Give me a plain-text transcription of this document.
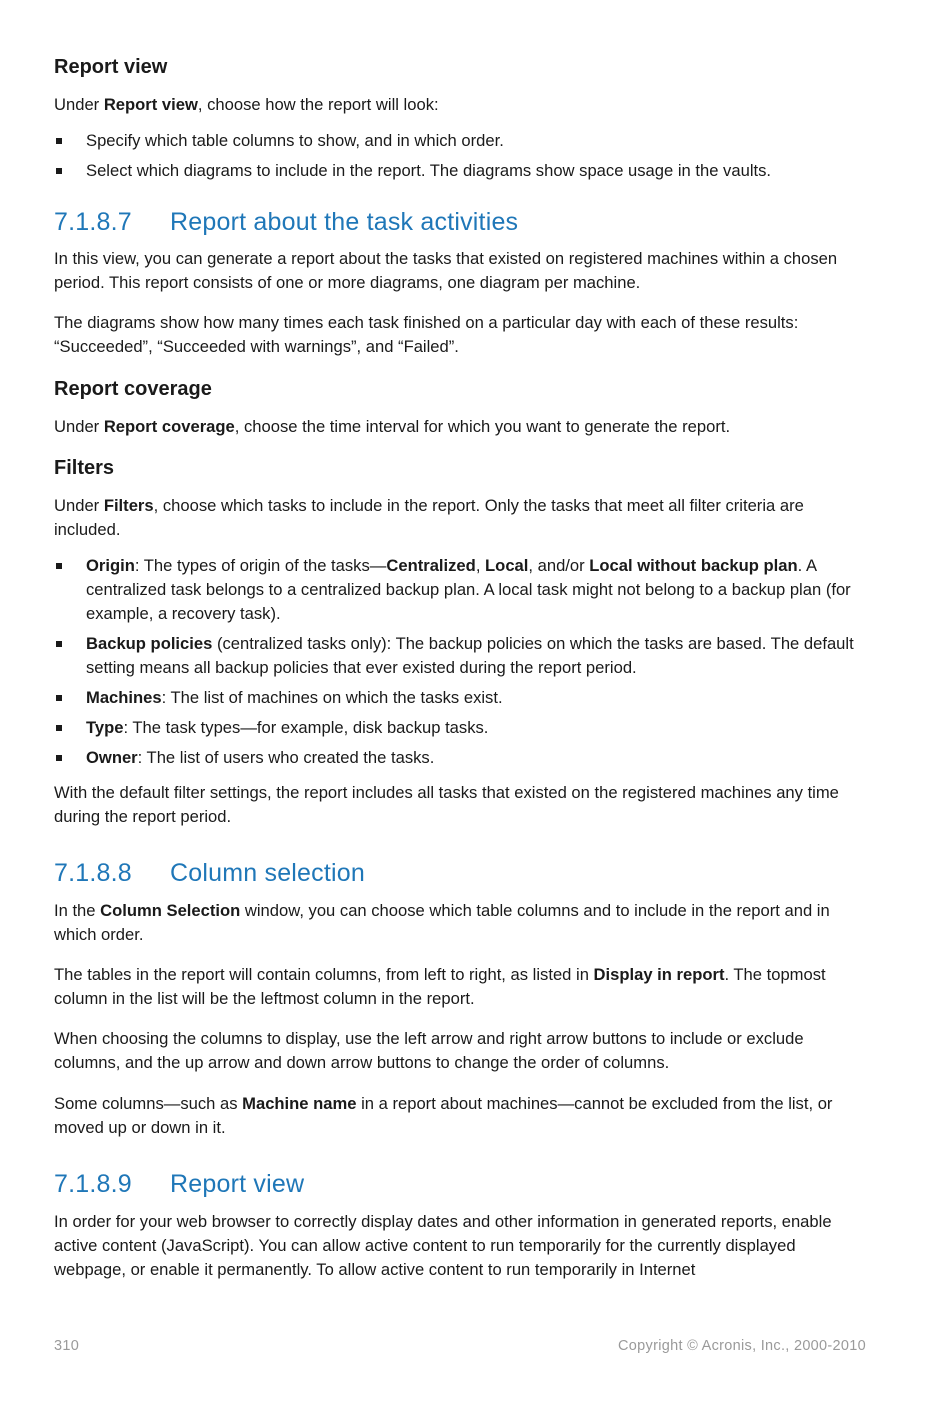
Report view

Under Report view, choose how the report will look:

Specify which table columns to show, and in which order.
Select which diagrams to include in the report. The diagrams show space usage in the vaults.
7.1.8.7 Report about the task activities

In this view, you can generate a report about the tasks that existed on registered machines within a chosen period. This report consists of one or more diagrams, one diagram per machine.

The diagrams show how many times each task finished on a particular day with each of these results: “Succeeded”, “Succeeded with warnings”, and “Failed”.

Report coverage

Under Report coverage, choose the time interval for which you want to generate the report.

Filters

Under Filters, choose which tasks to include in the report. Only the tasks that meet all filter criteria are included.

Origin: The types of origin of the tasks—Centralized, Local, and/or Local without backup plan. A centralized task belongs to a centralized backup plan. A local task might not belong to a backup plan (for example, a recovery task).
Backup policies (centralized tasks only): The backup policies on which the tasks are based. The default setting means all backup policies that ever existed during the report period.
Machines: The list of machines on which the tasks exist.
Type: The task types—for example, disk backup tasks.
Owner: The list of users who created the tasks.

With the default filter settings, the report includes all tasks that existed on the registered machines any time during the report period.

7.1.8.8 Column selection

In the Column Selection window, you can choose which table columns and to include in the report and in which order.

The tables in the report will contain columns, from left to right, as listed in Display in report. The topmost column in the list will be the leftmost column in the report.

When choosing the columns to display, use the left arrow and right arrow buttons to include or exclude columns, and the up arrow and down arrow buttons to change the order of columns.

Some columns—such as Machine name in a report about machines—cannot be excluded from the list, or moved up or down in it.

7.1.8.9 Report view

In order for your web browser to correctly display dates and other information in generated reports, enable active content (JavaScript). You can allow active content to run temporarily for the currently displayed webpage, or enable it permanently. To allow active content to run temporarily in Internet

310	Copyright © Acronis, Inc., 2000-2010
